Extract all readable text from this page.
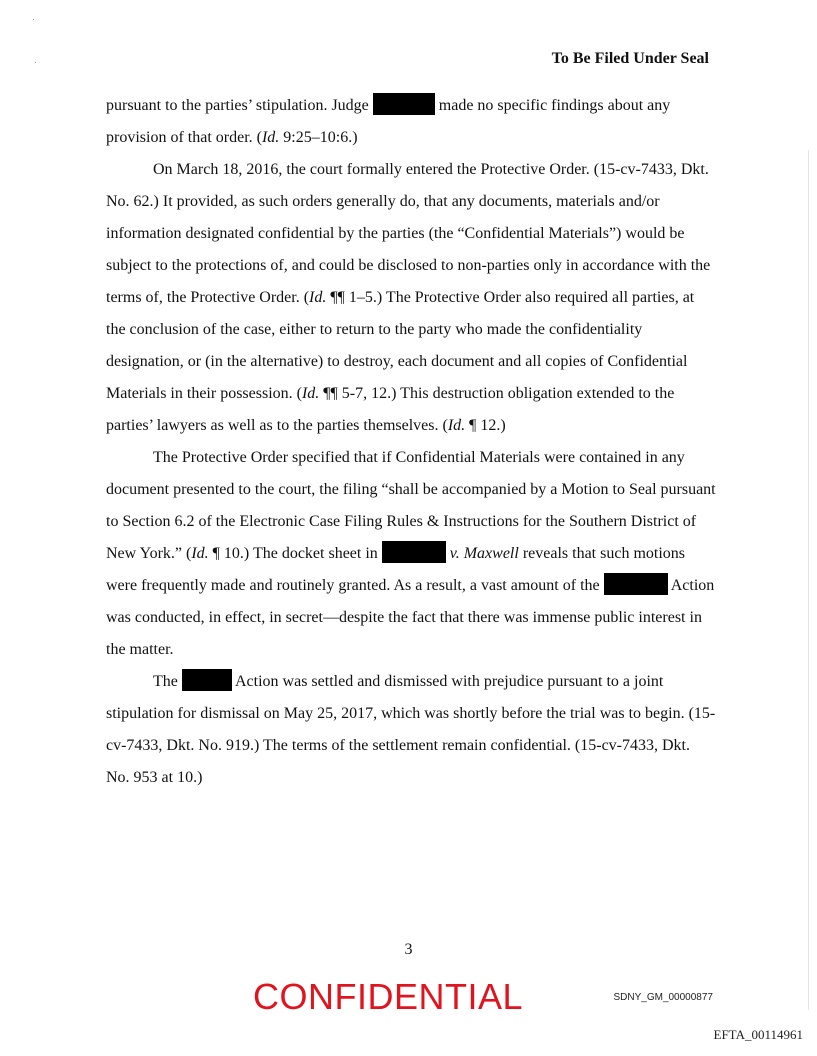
To Be Filed Under Seal

pursuant to the parties’ stipulation. Judge	made no specific findings about any provision of that order. (Id. 9:25–10:6.)

On March 18, 2016, the court formally entered the Protective Order. (15-cv-7433, Dkt. No. 62.) It provided, as such orders generally do, that any documents, materials and/or information designated confidential by the parties (the “Confidential Materials”) would be subject to the protections of, and could be disclosed to non-parties only in accordance with the terms of, the Protective Order. (Id. ¶¶ 1–5.) The Protective Order also required all parties, at the conclusion of the case, either to return to the party who made the confidentiality designation, or (in the alternative) to destroy, each document and all copies of Confidential Materials in their possession. (Id. ¶¶ 5-7, 12.) This destruction obligation extended to the parties’ lawyers as well as to the parties themselves. (Id. ¶ 12.)

The Protective Order specified that if Confidential Materials were contained in any document presented to the court, the filing “shall be accompanied by a Motion to Seal pursuant to Section 6.2 of the Electronic Case Filing Rules & Instructions for the Southern District of New York.” (Id. ¶ 10.) The docket sheet in	v. Maxwell reveals that such motions were frequently made and routinely granted. As a result, a vast amount of the	Action was conducted, in effect, in secret—despite the fact that there was immense public interest in the matter.

The	Action was settled and dismissed with prejudice pursuant to a joint stipulation for dismissal on May 25, 2017, which was shortly before the trial was to begin. (15-cv-7433, Dkt. No. 919.) The terms of the settlement remain confidential. (15-cv-7433, Dkt. No. 953 at 10.)

3
CONFIDENTIAL	SDNY_GM_00000877
EFTA_00114961
